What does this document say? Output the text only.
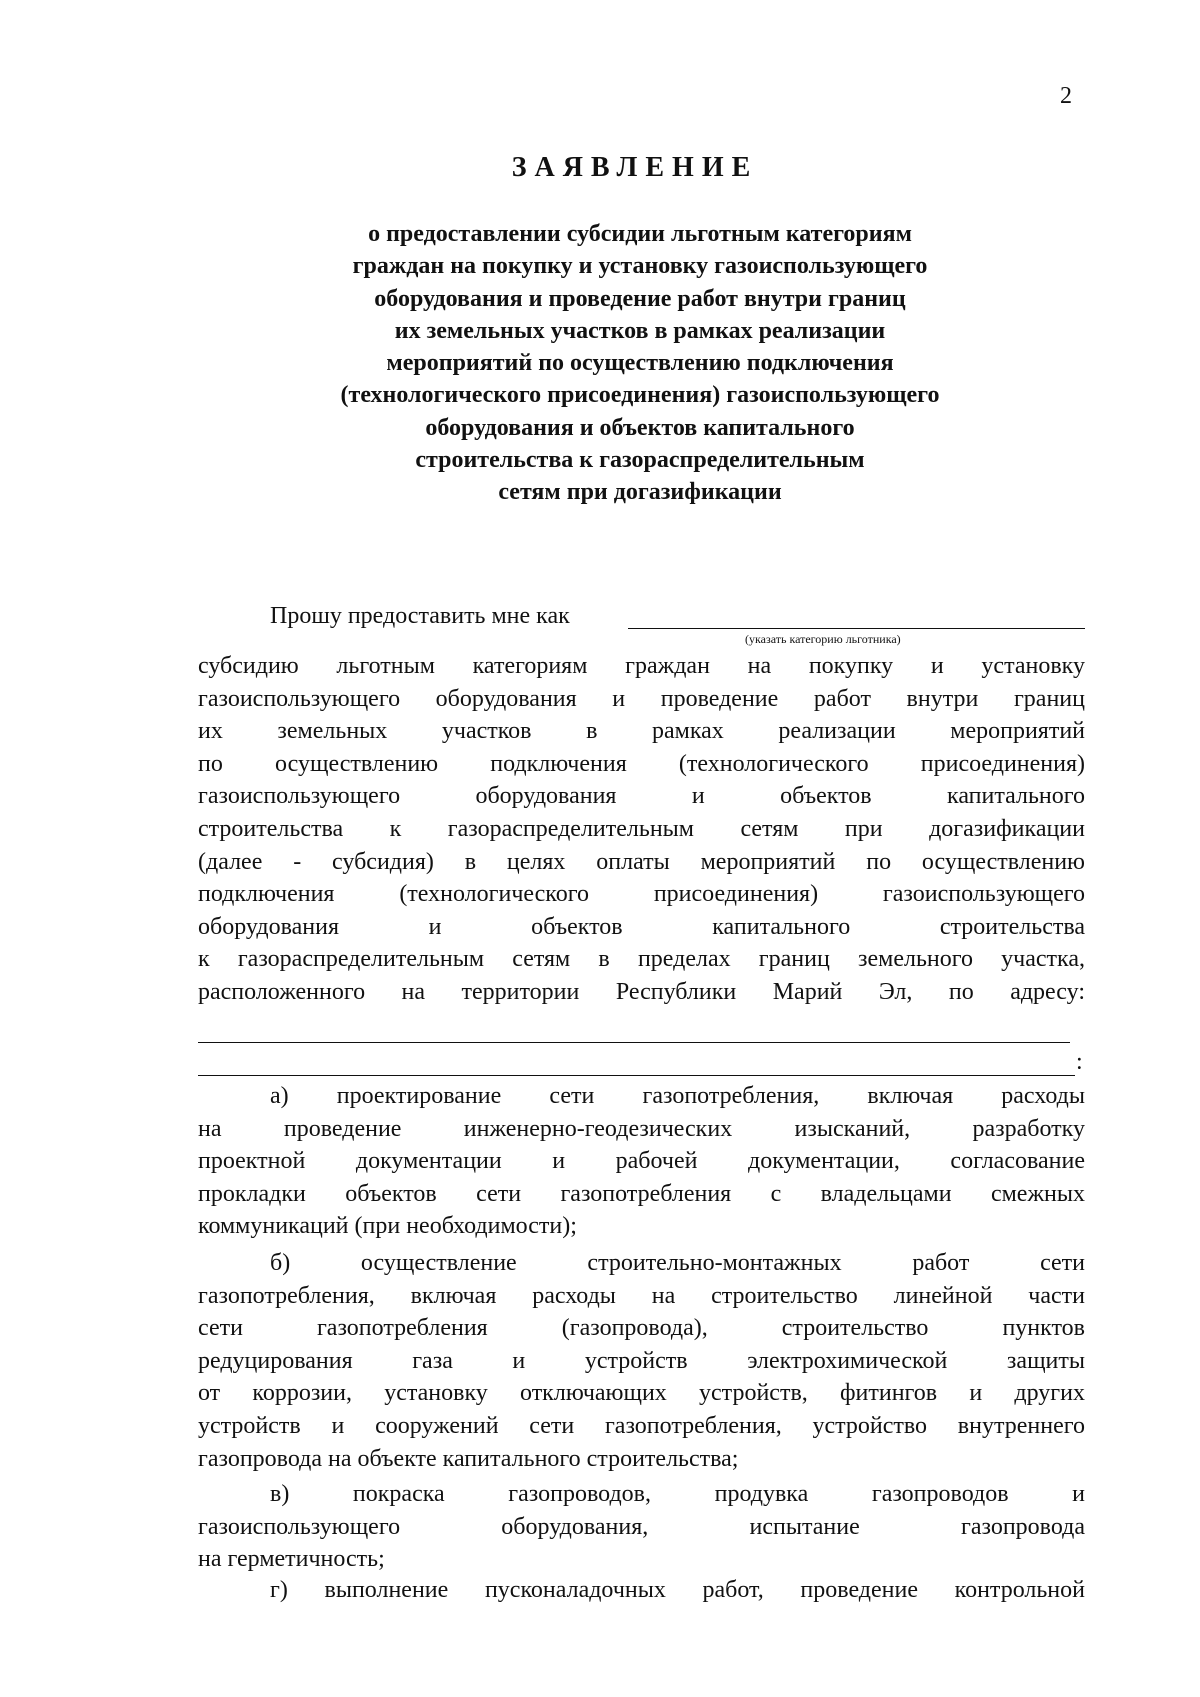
2
ЗАЯВЛЕНИЕ
о предоставлении субсидии льготным категориям
граждан на покупку и установку газоиспользующего
оборудования и проведение работ внутри границ
их земельных участков в рамках реализации
мероприятий по осуществлению подключения
(технологического присоединения) газоиспользующего
оборудования и объектов капитального
строительства к газораспределительным
сетям при догазификации
Прошу предоставить мне как
(указать категорию льготника)
субсидию льготным категориям граждан на покупку и установку
газоиспользующего оборудования и проведение работ внутри границ
их земельных участков в рамках реализации мероприятий
по осуществлению подключения (технологического присоединения)
газоиспользующего оборудования и объектов капитального
строительства к газораспределительным сетям при догазификации
(далее - субсидия) в целях оплаты мероприятий по осуществлению
подключения (технологического присоединения) газоиспользующего
оборудования и объектов капитального строительства
к газораспределительным сетям в пределах границ земельного участка,
расположенного на территории Республики Марий Эл, по адресу:
:
а) проектирование сети газопотребления, включая расходы
на проведение инженерно-геодезических изысканий, разработку
проектной документации и рабочей документации, согласование
прокладки объектов сети газопотребления с владельцами смежных
коммуникаций (при необходимости);
б) осуществление строительно-монтажных работ сети
газопотребления, включая расходы на строительство линейной части
сети газопотребления (газопровода), строительство пунктов
редуцирования газа и устройств электрохимической защиты
от коррозии, установку отключающих устройств, фитингов и других
устройств и сооружений сети газопотребления, устройство внутреннего
газопровода на объекте капитального строительства;
в) покраска газопроводов, продувка газопроводов и
газоиспользующего оборудования, испытание газопровода
на герметичность;
г) выполнение пусконаладочных работ, проведение контрольной
